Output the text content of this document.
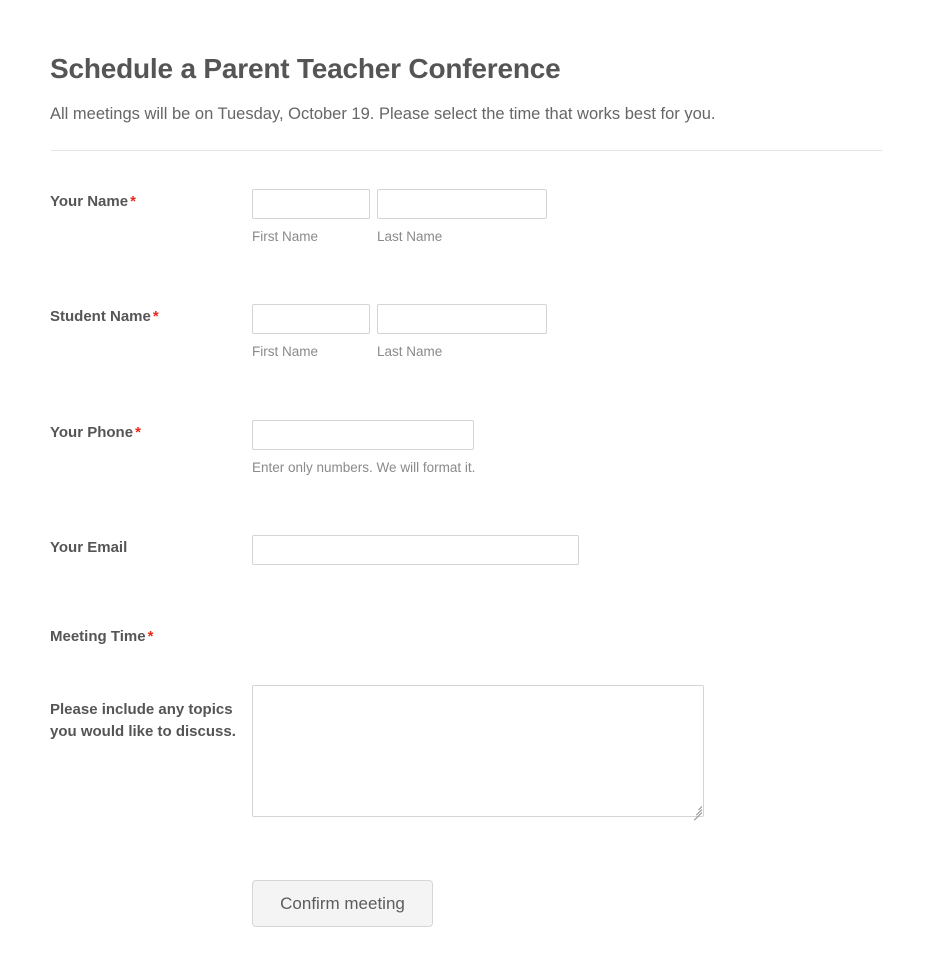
Schedule a Parent Teacher Conference

All meetings will be on Tuesday, October 19. Please select the time that works best for you.

Your Name *
First Name	Last Name
Student Name *
First Name	Last Name
Your Phone *
Enter only numbers. We will format it.
Your Email
Meeting Time *
Please include any topics you would like to discuss.
Confirm meeting
